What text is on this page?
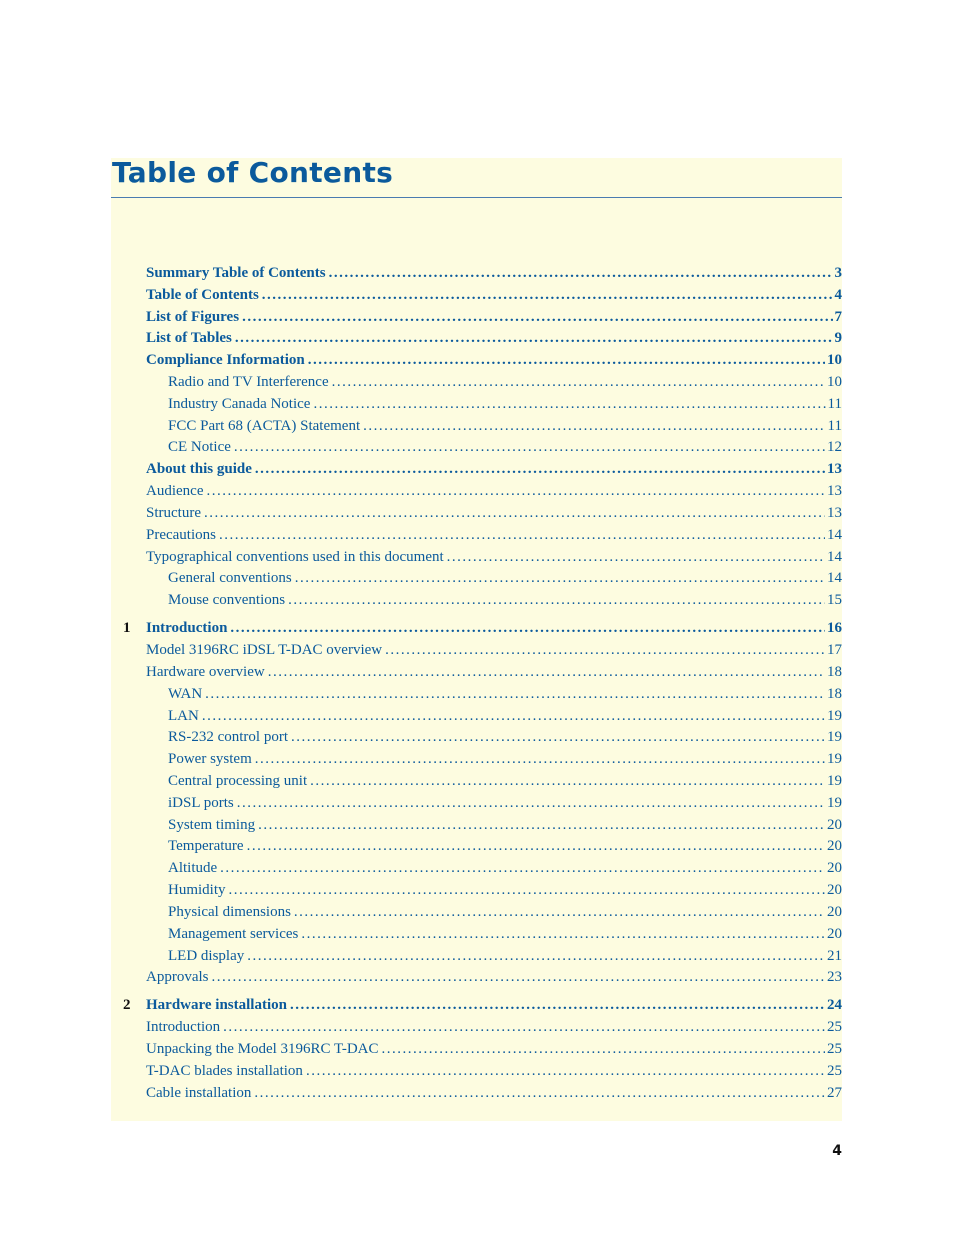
Table of Contents
Summary Table of Contents .....	3
Table of Contents .....	4
List of Figures .....	7
List of Tables .....	9
Compliance Information .....	10
Radio and TV Interference .....	10
Industry Canada Notice .....	11
FCC Part 68 (ACTA) Statement .....	11
CE Notice .....	12
About this guide .....	13
Audience .....	13
Structure .....	13
Precautions .....	14
Typographical conventions used in this document .....	14
General conventions .....	14
Mouse conventions .....	15
1 Introduction .....	16
Model 3196RC iDSL T-DAC overview .....	17
Hardware overview .....	18
WAN .....	18
LAN .....	19
RS-232 control port .....	19
Power system .....	19
Central processing unit .....	19
iDSL ports .....	19
System timing .....	20
Temperature .....	20
Altitude .....	20
Humidity .....	20
Physical dimensions .....	20
Management services .....	20
LED display .....	21
Approvals .....	23
2 Hardware installation .....	24
Introduction .....	25
Unpacking the Model 3196RC T-DAC .....	25
T-DAC blades installation .....	25
Cable installation .....	27
4
